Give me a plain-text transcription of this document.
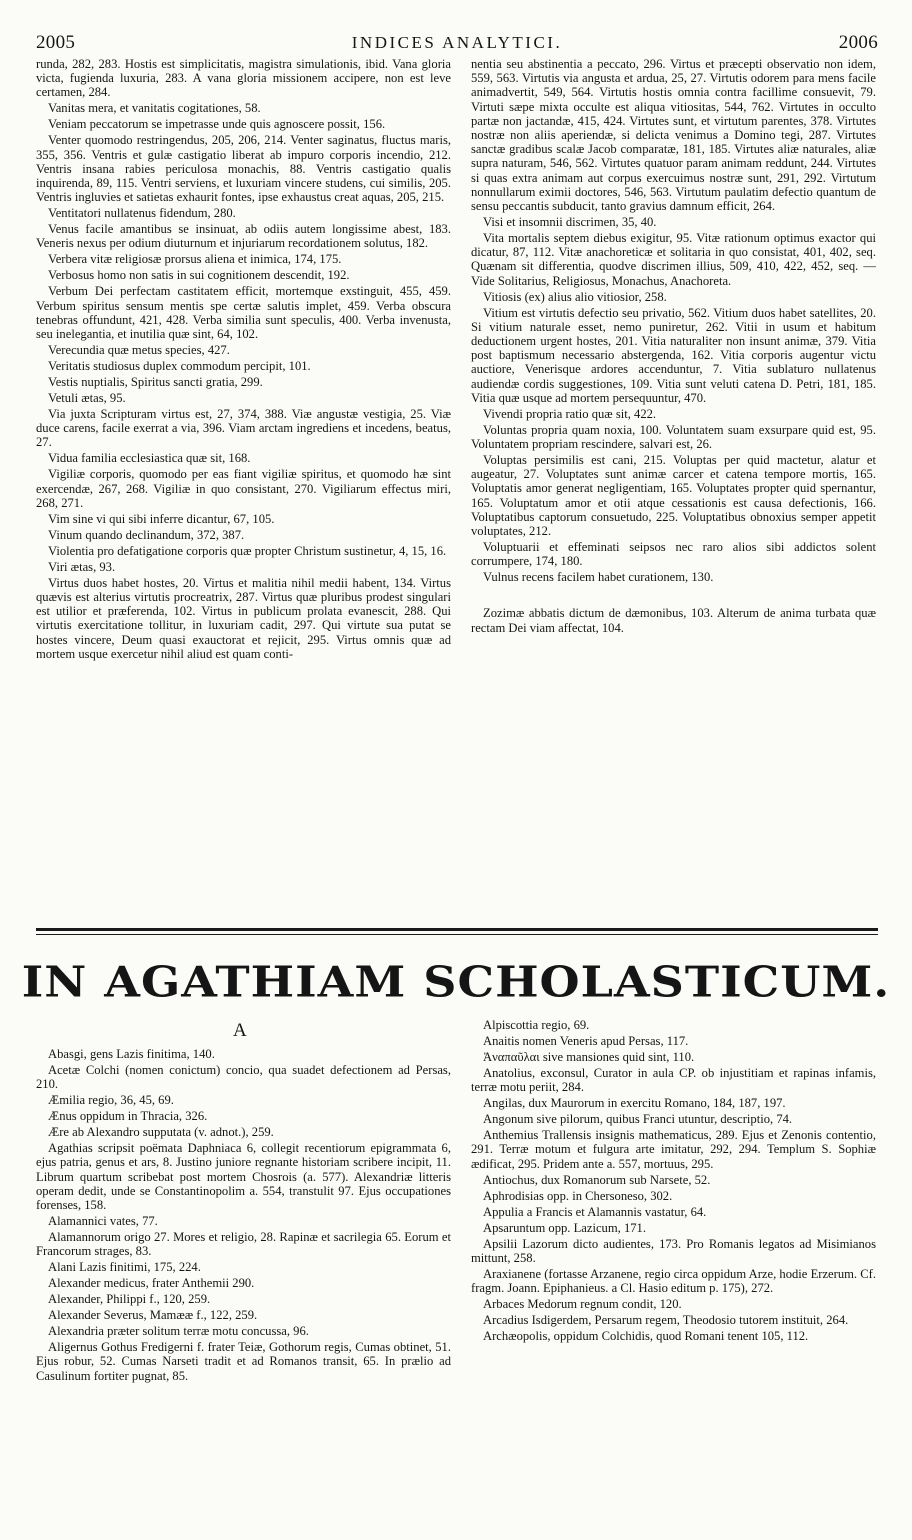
2005	INDICES ANALYTICI.	2006

runda, 282, 283. Hostis est simplicitatis, magistra simulationis, ibid. Vana gloria victa, fugienda luxuria, 283. A vana gloria missionem accipere, non est leve certamen, 284.

Vanitas mera, et vanitatis cogitationes, 58.

Veniam peccatorum se impetrasse unde quis agnoscere possit, 156.

Venter quomodo restringendus, 205, 206, 214. Venter saginatus, fluctus maris, 355, 356. Ventris et gulæ castigatio liberat ab impuro corporis incendio, 212. Ventris insana rabies periculosa monachis, 88. Ventris castigatio qualis inquirenda, 89, 115. Ventri serviens, et luxuriam vincere studens, cui similis, 205. Ventris ingluvies et satietas exhaurit fontes, ipse exhaustus creat aquas, 205, 215.

Ventitatori nullatenus fidendum, 280.

Venus facile amantibus se insinuat, ab odiis autem longissime abest, 183. Veneris nexus per odium diuturnum et injuriarum recordationem solutus, 182.

Verbera vitæ religiosæ prorsus aliena et inimica, 174, 175.

Verbosus homo non satis in sui cognitionem descendit, 192.

Verbum Dei perfectam castitatem efficit, mortemque exstinguit, 455, 459. Verbum spiritus sensum mentis spe certæ salutis implet, 459. Verba obscura tenebras offundunt, 421, 428. Verba similia sunt speculis, 400. Verba invenusta, seu inelegantia, et inutilia quæ sint, 64, 102.

Verecundia quæ metus species, 427.

Veritatis studiosus duplex commodum percipit, 101.

Vestis nuptialis, Spiritus sancti gratia, 299.

Vetuli ætas, 95.

Via juxta Scripturam virtus est, 27, 374, 388. Viæ angustæ vestigia, 25. Viæ duce carens, facile exerrat a via, 396. Viam arctam ingrediens et incedens, beatus, 27.

Vidua familia ecclesiastica quæ sit, 168.

Vigiliæ corporis, quomodo per eas fiant vigiliæ spiritus, et quomodo hæ sint exercendæ, 267, 268. Vigiliæ in quo consistant, 270. Vigiliarum effectus miri, 268, 271.

Vim sine vi qui sibi inferre dicantur, 67, 105.

Vinum quando declinandum, 372, 387.

Violentia pro defatigatione corporis quæ propter Christum sustinetur, 4, 15, 16.

Viri ætas, 93.

Virtus duos habet hostes, 20. Virtus et malitia nihil medii habent, 134. Virtus quævis est alterius virtutis procreatrix, 287. Virtus quæ pluribus prodest singulari est utilior et præferenda, 102. Virtus in publicum prolata evanescit, 288. Qui virtutis exercitatione tollitur, in luxuriam cadit, 297. Qui virtute sua putat se hostes vincere, Deum quasi exauctorat et rejicit, 295. Virtus omnis quæ ad mortem usque exercetur nihil aliud est quam conti-

nentia seu abstinentia a peccato, 296. Virtus et præcepti observatio non idem, 559, 563. Virtutis via angusta et ardua, 25, 27. Virtutis odorem para mens facile animadvertit, 549, 564. Virtutis hostis omnia contra facillime consuevit, 79. Virtuti sæpe mixta occulte est aliqua vitiositas, 544, 762. Virtutes in occulto partæ non jactandæ, 415, 424. Virtutes sunt, et virtutum parentes, 378. Virtutes nostræ non aliis aperiendæ, si delicta venimus a Domino tegi, 287. Virtutes sanctæ gradibus scalæ Jacob comparatæ, 181, 185. Virtutes aliæ naturales, aliæ supra naturam, 546, 562. Virtutes quatuor param animam reddunt, 244. Virtutes si quas extra animam aut corpus exercuimus nostræ sunt, 291, 292. Virtutum nonnullarum eximii doctores, 546, 563. Virtutum paulatim defectio quantum de sensu peccantis subducit, tanto gravius damnum efficit, 264.

Visi et insomnii discrimen, 35, 40.

Vita mortalis septem diebus exigitur, 95. Vitæ rationum optimus exactor qui dicatur, 87, 112. Vitæ anachoreticæ et solitaria in quo consistat, 401, 402, seq. Quænam sit differentia, quodve discrimen illius, 509, 410, 422, 452, seq. — Vide Solitarius, Religiosus, Monachus, Anachoreta.

Vitiosis (ex) alius alio vitiosior, 258.

Vitium est virtutis defectio seu privatio, 562. Vitium duos habet satellites, 20. Si vitium naturale esset, nemo puniretur, 262. Vitii in usum et habitum deductionem urgent hostes, 201. Vitia naturaliter non insunt animæ, 379. Vitia post baptismum necessario abstergenda, 162. Vitia corporis augentur victu auctiore, Venerisque ardores accenduntur, 7. Vitia sublaturo nullatenus audiendæ cordis suggestiones, 109. Vitia sunt veluti catena D. Petri, 181, 185. Vitia quæ usque ad mortem persequuntur, 470.

Vivendi propria ratio quæ sit, 422.

Voluntas propria quam noxia, 100. Voluntatem suam exsurpare quid est, 95. Voluntatem propriam rescindere, salvari est, 26.

Voluptas persimilis est cani, 215. Voluptas per quid mactetur, alatur et augeatur, 27. Voluptates sunt animæ carcer et catena tempore mortis, 165. Voluptatis amor generat negligentiam, 165. Voluptates propter quid spernantur, 165. Voluptatum amor et otii atque cessationis est causa defectionis, 166. Voluptatibus captorum consuetudo, 225. Voluptatibus obnoxius semper appetit voluptates, 212.

Voluptuarii et effeminati seipsos nec raro alios sibi addictos solent corrumpere, 174, 180.

Vulnus recens facilem habet curationem, 130.

Zozimæ abbatis dictum de dæmonibus, 103. Alterum de anima turbata quæ rectam Dei viam affectat, 104.

IN AGATHIAM SCHOLASTICUM.
A

Abasgi, gens Lazis finitima, 140.

Acetæ Colchi (nomen conictum) concio, qua suadet defectionem ad Persas, 210.

Æmilia regio, 36, 45, 69.

Ænus oppidum in Thracia, 326.

Ære ab Alexandro supputata (v. adnot.), 259.

Agathias scripsit poëmata Daphniaca 6, collegit recentiorum epigrammata 6, ejus patria, genus et ars, 8. Justino juniore regnante historiam scribere incipit, 11. Librum quartum scribebat post mortem Chosrois (a. 577). Alexandriæ litteris operam dedit, unde se Constantinopolim a. 554, transtulit 97. Ejus occupationes forenses, 158.

Alamannici vates, 77.

Alamannorum origo 27. Mores et religio, 28. Rapinæ et sacrilegia 65. Eorum et Francorum strages, 83.

Alani Lazis finitimi, 175, 224.

Alexander medicus, frater Anthemii 290.

Alexander, Philippi f., 120, 259.

Alexander Severus, Mamææ f., 122, 259.

Alexandria præter solitum terræ motu concussa, 96.

Aligernus Gothus Fredigerni f. frater Teiæ, Gothorum regis, Cumas obtinet, 51. Ejus robur, 52. Cumas Narseti tradit et ad Romanos transit, 65. In prælio ad Casulinum fortiter pugnat, 85.

Alpiscottia regio, 69.

Anaitis nomen Veneris apud Persas, 117.

Ἀναπαῦλαι sive mansiones quid sint, 110.

Anatolius, exconsul, Curator in aula CP. ob injustitiam et rapinas infamis, terræ motu periit, 284.

Angilas, dux Maurorum in exercitu Romano, 184, 187, 197.

Angonum sive pilorum, quibus Franci utuntur, descriptio, 74.

Anthemius Trallensis insignis mathematicus, 289. Ejus et Zenonis contentio, 291. Terræ motum et fulgura arte imitatur, 292, 294. Templum S. Sophiæ ædificat, 295. Pridem ante a. 557, mortuus, 295.

Antiochus, dux Romanorum sub Narsete, 52.

Aphrodisias opp. in Chersoneso, 302.

Appulia a Francis et Alamannis vastatur, 64.

Apsaruntum opp. Lazicum, 171.

Apsilii Lazorum dicto audientes, 173. Pro Romanis legatos ad Misimianos mittunt, 258.

Araxianene (fortasse Arzanene, regio circa oppidum Arze, hodie Erzerum. Cf. fragm. Joann. Epiphanieus. a Cl. Hasio editum p. 175), 272.

Arbaces Medorum regnum condit, 120.

Arcadius Isdigerdem, Persarum regem, Theodosio tutorem instituit, 264.

Archæopolis, oppidum Colchidis, quod Romani tenent 105, 112.
